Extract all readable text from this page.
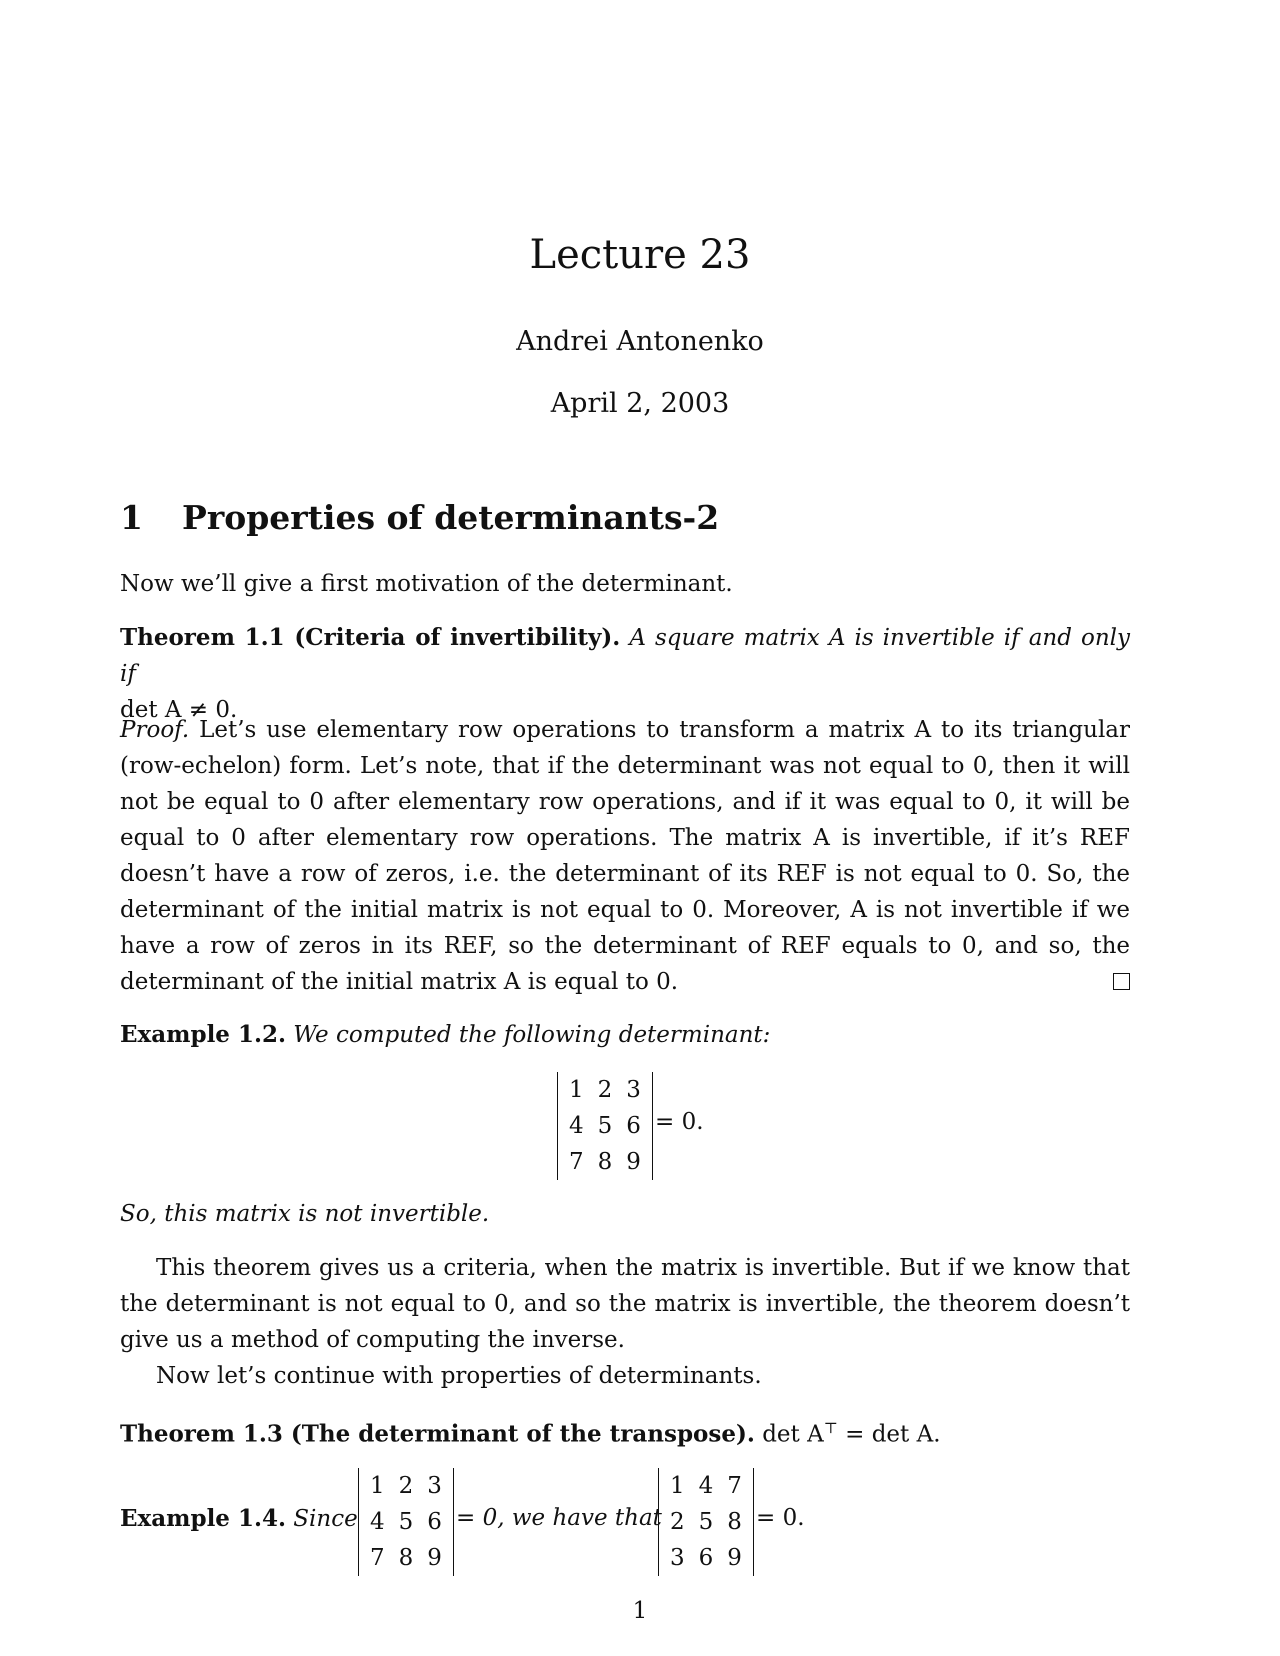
Lecture 23
Andrei Antonenko
April 2, 2003
1 Properties of determinants-2
Now we’ll give a first motivation of the determinant.
Theorem 1.1 (Criteria of invertibility). A square matrix A is invertible if and only if
det A ≠ 0.
Proof. Let’s use elementary row operations to transform a matrix A to its triangular (row-echelon) form. Let’s note, that if the determinant was not equal to 0, then it will not be equal to 0 after elementary row operations, and if it was equal to 0, it will be equal to 0 after elementary row operations. The matrix A is invertible, if it’s REF doesn’t have a row of zeros, i.e. the determinant of its REF is not equal to 0. So, the determinant of the initial matrix is not equal to 0. Moreover, A is not invertible if we have a row of zeros in its REF, so the determinant of REF equals to 0, and so, the determinant of the initial matrix A is equal to 0.
Example 1.2. We computed the following determinant:
1	2	3
4	5	6
7	8	9
= 0.
So, this matrix is not invertible.
This theorem gives us a criteria, when the matrix is invertible. But if we know that the determinant is not equal to 0, and so the matrix is invertible, the theorem doesn’t give us a method of computing the inverse.
Now let’s continue with properties of determinants.
Theorem 1.3 (The determinant of the transpose). det A⊤ = det A.
Example 1.4. Since
1	2	3
4	5	6
7	8	9
= 0, we have that
1	4	7
2	5	8
3	6	9
= 0.
1
